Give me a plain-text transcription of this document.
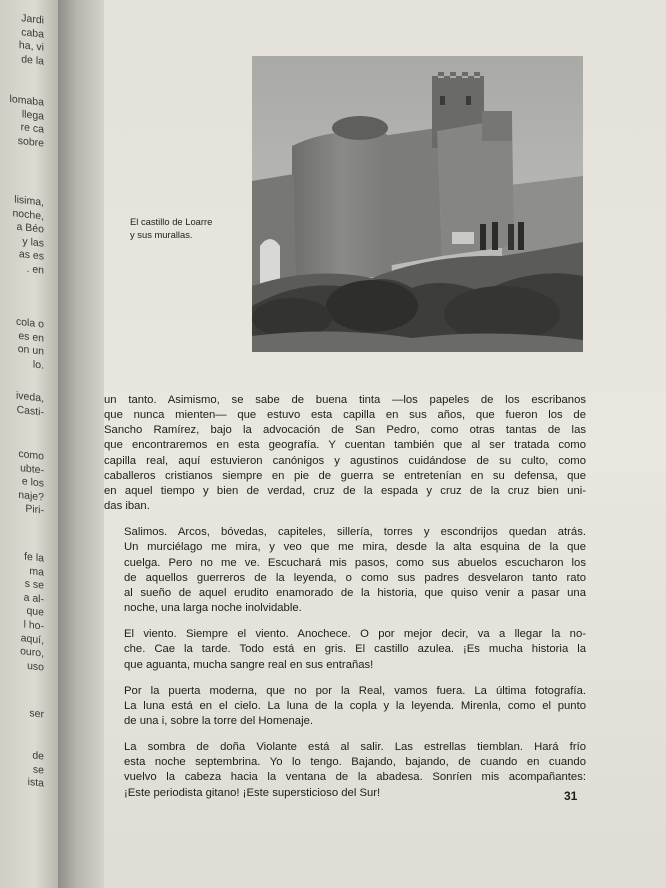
Jardi
caba
ha, vi
de la
lomaba
llega
re ca
sobre
lisima,
noche,
a Béo
y las
as es
. en
cola o
es en
on un
lo.
iveda,
Casti-
como
ubte-
e los
naje?
Piri-
fe la
ma
s se
a al-
que
l ho-
aquí,
ouro,
uso
ser
de
se
ista
El castillo de Loarre
y sus murallas.

un tanto. Asimismo, se sabe de buena tinta —los papeles de los escribanos
que nunca mienten— que estuvo esta capilla en sus años, que fueron los de
Sancho Ramírez, bajo la advocación de San Pedro, como otras tantas de las
que encontraremos en esta geografía. Y cuentan también que al ser tratada como
capilla real, aquí estuvieron canónigos y agustinos cuidándose de su culto, como
caballeros cristianos siempre en pie de guerra se entretenían en su defensa, que
en aquel tiempo y bien de verdad, cruz de la espada y cruz de la cruz bien uni-
das iban.

Salimos. Arcos, bóvedas, capiteles, sillería, torres y escondrijos quedan atrás.
Un murciélago me mira, y veo que me mira, desde la alta esquina de la que
cuelga. Pero no me ve. Escuchará mis pasos, como sus abuelos escucharon los
de aquellos guerreros de la leyenda, o como sus padres desvelaron tanto rato
al sueño de aquel erudito enamorado de la historia, que quiso venir a pasar una
noche, una larga noche inolvidable.

El viento. Siempre el viento. Anochece. O por mejor decir, va a llegar la no-
che. Cae la tarde. Todo está en gris. El castillo azulea. ¡Es mucha historia la
que aguanta, mucha sangre real en sus entrañas!

Por la puerta moderna, que no por la Real, vamos fuera. La última fotografía.
La luna está en el cielo. La luna de la copla y la leyenda. Mirenla, como el punto
de una i, sobre la torre del Homenaje.

La sombra de doña Violante está al salir. Las estrellas tiemblan. Hará frío
esta noche septembrina. Yo lo tengo. Bajando, bajando, de cuando en cuando
vuelvo la cabeza hacia la ventana de la abadesa. Sonríen mis acompañantes:
¡Este periodista gitano! ¡Este supersticioso del Sur!	31
